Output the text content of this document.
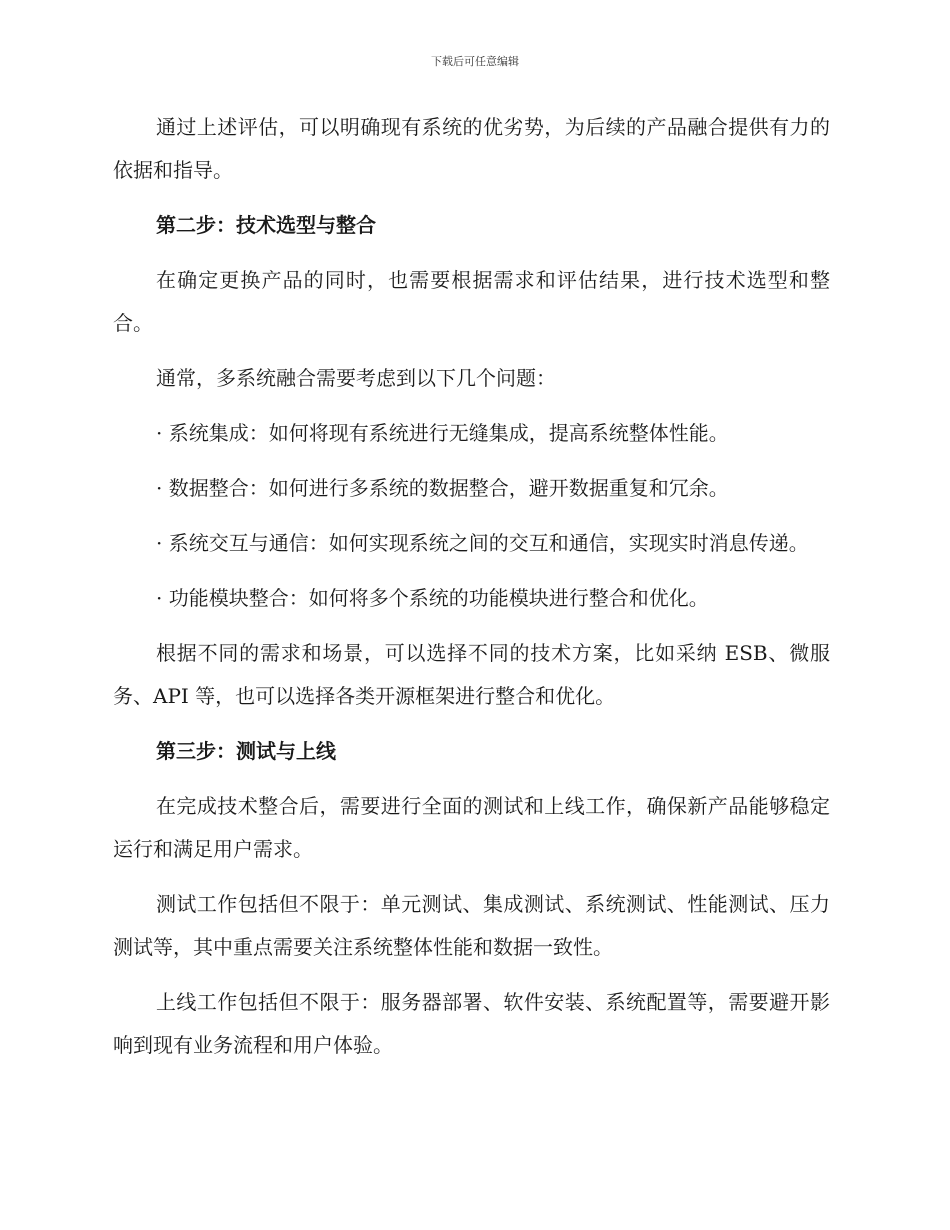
下载后可任意编辑

通过上述评估，可以明确现有系统的优劣势，为后续的产品融合提供有力的依据和指导。

第二步：技术选型与整合

在确定更换产品的同时，也需要根据需求和评估结果，进行技术选型和整合。

通常，多系统融合需要考虑到以下几个问题：

· 系统集成：如何将现有系统进行无缝集成，提高系统整体性能。

· 数据整合：如何进行多系统的数据整合，避开数据重复和冗余。

· 系统交互与通信：如何实现系统之间的交互和通信，实现实时消息传递。

· 功能模块整合：如何将多个系统的功能模块进行整合和优化。

根据不同的需求和场景，可以选择不同的技术方案，比如采纳 ESB、微服务、API 等，也可以选择各类开源框架进行整合和优化。

第三步：测试与上线

在完成技术整合后，需要进行全面的测试和上线工作，确保新产品能够稳定运行和满足用户需求。

测试工作包括但不限于：单元测试、集成测试、系统测试、性能测试、压力测试等，其中重点需要关注系统整体性能和数据一致性。

上线工作包括但不限于：服务器部署、软件安装、系统配置等，需要避开影响到现有业务流程和用户体验。
